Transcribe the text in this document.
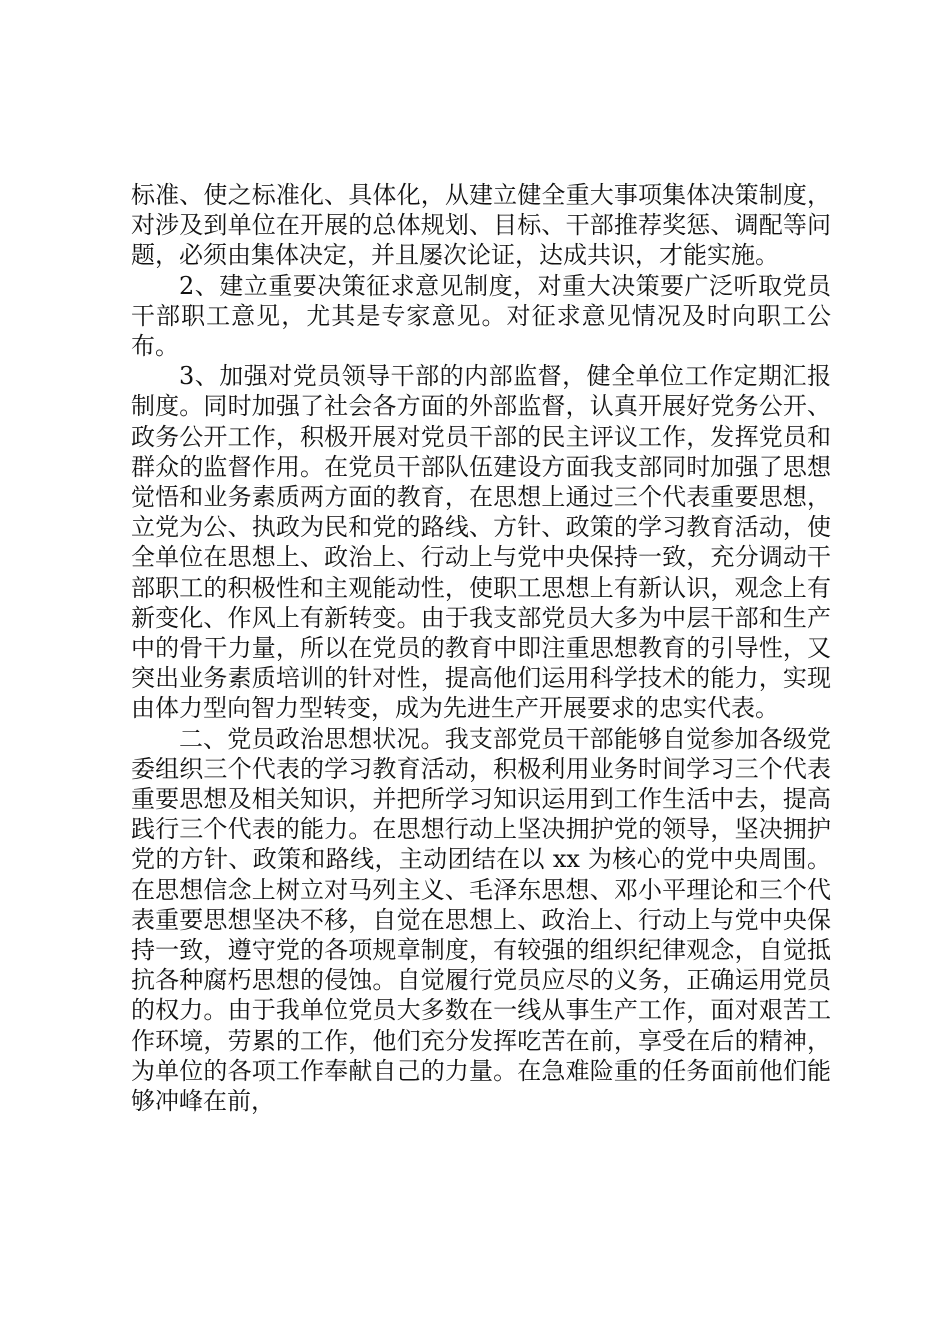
标准、使之标准化、具体化，从建立健全重大事项集体决策制度，对涉及到单位在开展的总体规划、目标、干部推荐奖惩、调配等问题，必须由集体决定，并且屡次论证，达成共识，才能实施。

2、建立重要决策征求意见制度，对重大决策要广泛听取党员干部职工意见，尤其是专家意见。对征求意见情况及时向职工公布。

3、加强对党员领导干部的内部监督，健全单位工作定期汇报制度。同时加强了社会各方面的外部监督，认真开展好党务公开、政务公开工作，积极开展对党员干部的民主评议工作，发挥党员和群众的监督作用。在党员干部队伍建设方面我支部同时加强了思想觉悟和业务素质两方面的教育，在思想上通过三个代表重要思想，立党为公、执政为民和党的路线、方针、政策的学习教育活动，使全单位在思想上、政治上、行动上与党中央保持一致，充分调动干部职工的积极性和主观能动性，使职工思想上有新认识，观念上有新变化、作风上有新转变。由于我支部党员大多为中层干部和生产中的骨干力量，所以在党员的教育中即注重思想教育的引导性，又突出业务素质培训的针对性，提高他们运用科学技术的能力，实现由体力型向智力型转变，成为先进生产开展要求的忠实代表。

二、党员政治思想状况。我支部党员干部能够自觉参加各级党委组织三个代表的学习教育活动，积极利用业务时间学习三个代表重要思想及相关知识，并把所学习知识运用到工作生活中去，提高践行三个代表的能力。在思想行动上坚决拥护党的领导，坚决拥护党的方针、政策和路线，主动团结在以 xx 为核心的党中央周围。在思想信念上树立对马列主义、毛泽东思想、邓小平理论和三个代表重要思想坚决不移，自觉在思想上、政治上、行动上与党中央保持一致，遵守党的各项规章制度，有较强的组织纪律观念，自觉抵抗各种腐朽思想的侵蚀。自觉履行党员应尽的义务，正确运用党员的权力。由于我单位党员大多数在一线从事生产工作，面对艰苦工作环境，劳累的工作，他们充分发挥吃苦在前，享受在后的精神，为单位的各项工作奉献自己的力量。在急难险重的任务面前他们能够冲峰在前，
